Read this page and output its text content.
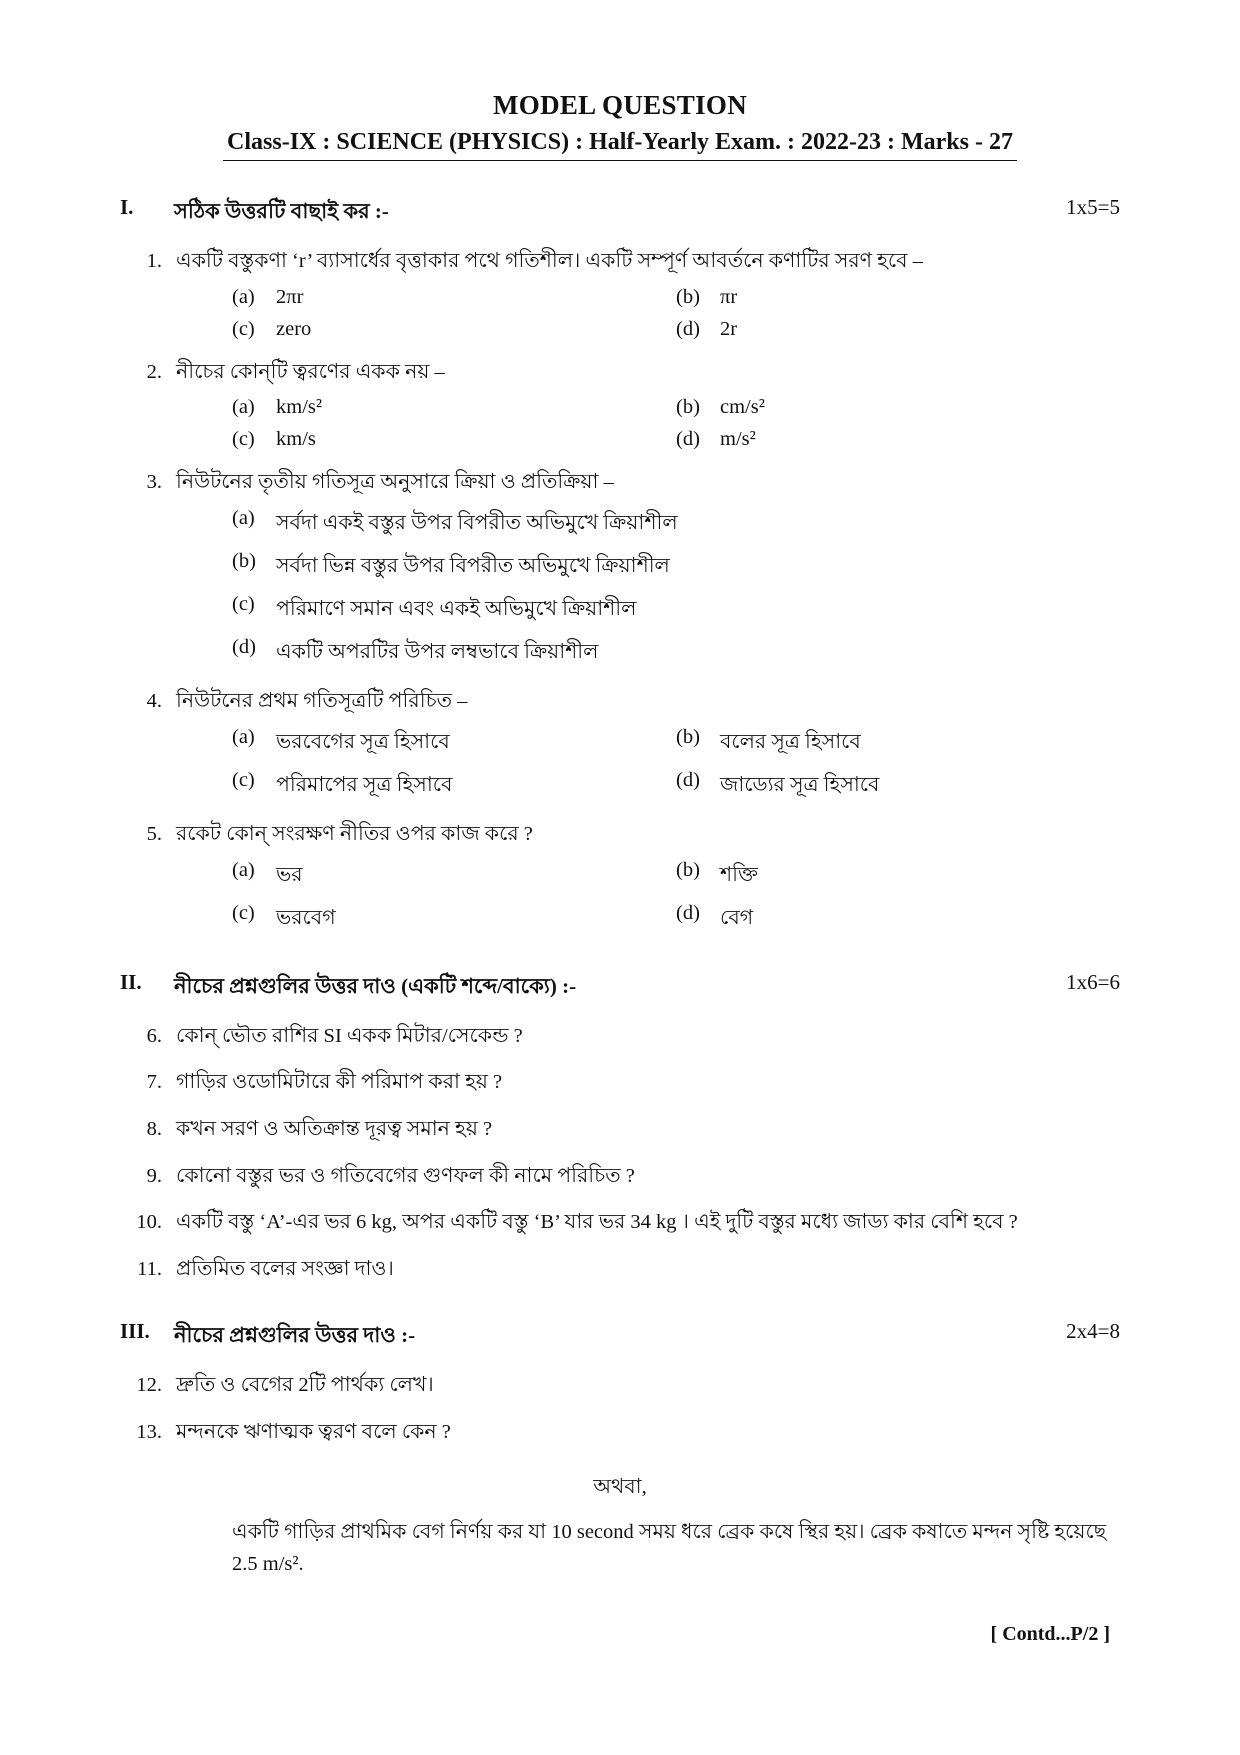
MODEL QUESTION
Class-IX : SCIENCE (PHYSICS) : Half-Yearly Exam. : 2022-23 : Marks - 27
I.	সঠিক উত্তরটি বাছাই কর :-	1x5=5
1. একটি বস্তুকণা ‘r’ ব্যাসার্ধের বৃত্তাকার পথে গতিশীল। একটি সম্পূর্ণ আবর্তনে কণাটির সরণ হবে –
(a)	2πr	(b) πr
(c)	zero	(d) 2r
2. নীচের কোন্‌টি ত্বরণের একক নয় –
(a)	km/s²	(b) cm/s²
(c)	km/s	(d) m/s²
3. নিউটনের তৃতীয় গতিসূত্র অনুসারে ক্রিয়া ও প্রতিক্রিয়া –
(a)	সর্বদা একই বস্তুর উপর বিপরীত অভিমুখে ক্রিয়াশীল
(b) সর্বদা ভিন্ন বস্তুর উপর বিপরীত অভিমুখে ক্রিয়াশীল
(c)	পরিমাণে সমান এবং একই অভিমুখে ক্রিয়াশীল
(d) একটি অপরটির উপর লম্বভাবে ক্রিয়াশীল
4. নিউটনের প্রথম গতিসূত্রটি পরিচিত –
(a)	ভরবেগের সূত্র হিসাবে	(b) বলের সূত্র হিসাবে
(c)	পরিমাপের সূত্র হিসাবে	(d) জাড্যের সূত্র হিসাবে
5. রকেট কোন্‌ সংরক্ষণ নীতির ওপর কাজ করে ?
(a)	ভর	(b) শক্তি
(c)	ভরবেগ	(d) বেগ
II.	নীচের প্রশ্নগুলির উত্তর দাও (একটি শব্দে/বাক্যে) :-	1x6=6
6. কোন্‌ ভৌত রাশির SI একক মিটার/সেকেন্ড ?
7. গাড়ির ওডোমিটারে কী পরিমাপ করা হয় ?
8. কখন সরণ ও অতিক্রান্ত দূরত্ব সমান হয় ?
9. কোনো বস্তুর ভর ও গতিবেগের গুণফল কী নামে পরিচিত ?
10. একটি বস্তু ‘A’-এর ভর 6 kg, অপর একটি বস্তু ‘B’ যার ভর 34 kg । এই দুটি বস্তুর মধ্যে জাড্য কার বেশি হবে ?
11. প্রতিমিত বলের সংজ্ঞা দাও।
III.	নীচের প্রশ্নগুলির উত্তর দাও :-	2x4=8
12. দ্রুতি ও বেগের 2টি পার্থক্য লেখ।
13. মন্দনকে ঋণাত্মক ত্বরণ বলে কেন ?
অথবা,
একটি গাড়ির প্রাথমিক বেগ নির্ণয় কর যা 10 second সময় ধরে ব্রেক কষে স্থির হয়। ব্রেক কষাতে মন্দন সৃষ্টি হয়েছে 2.5 m/s².
[ Contd...P/2 ]
